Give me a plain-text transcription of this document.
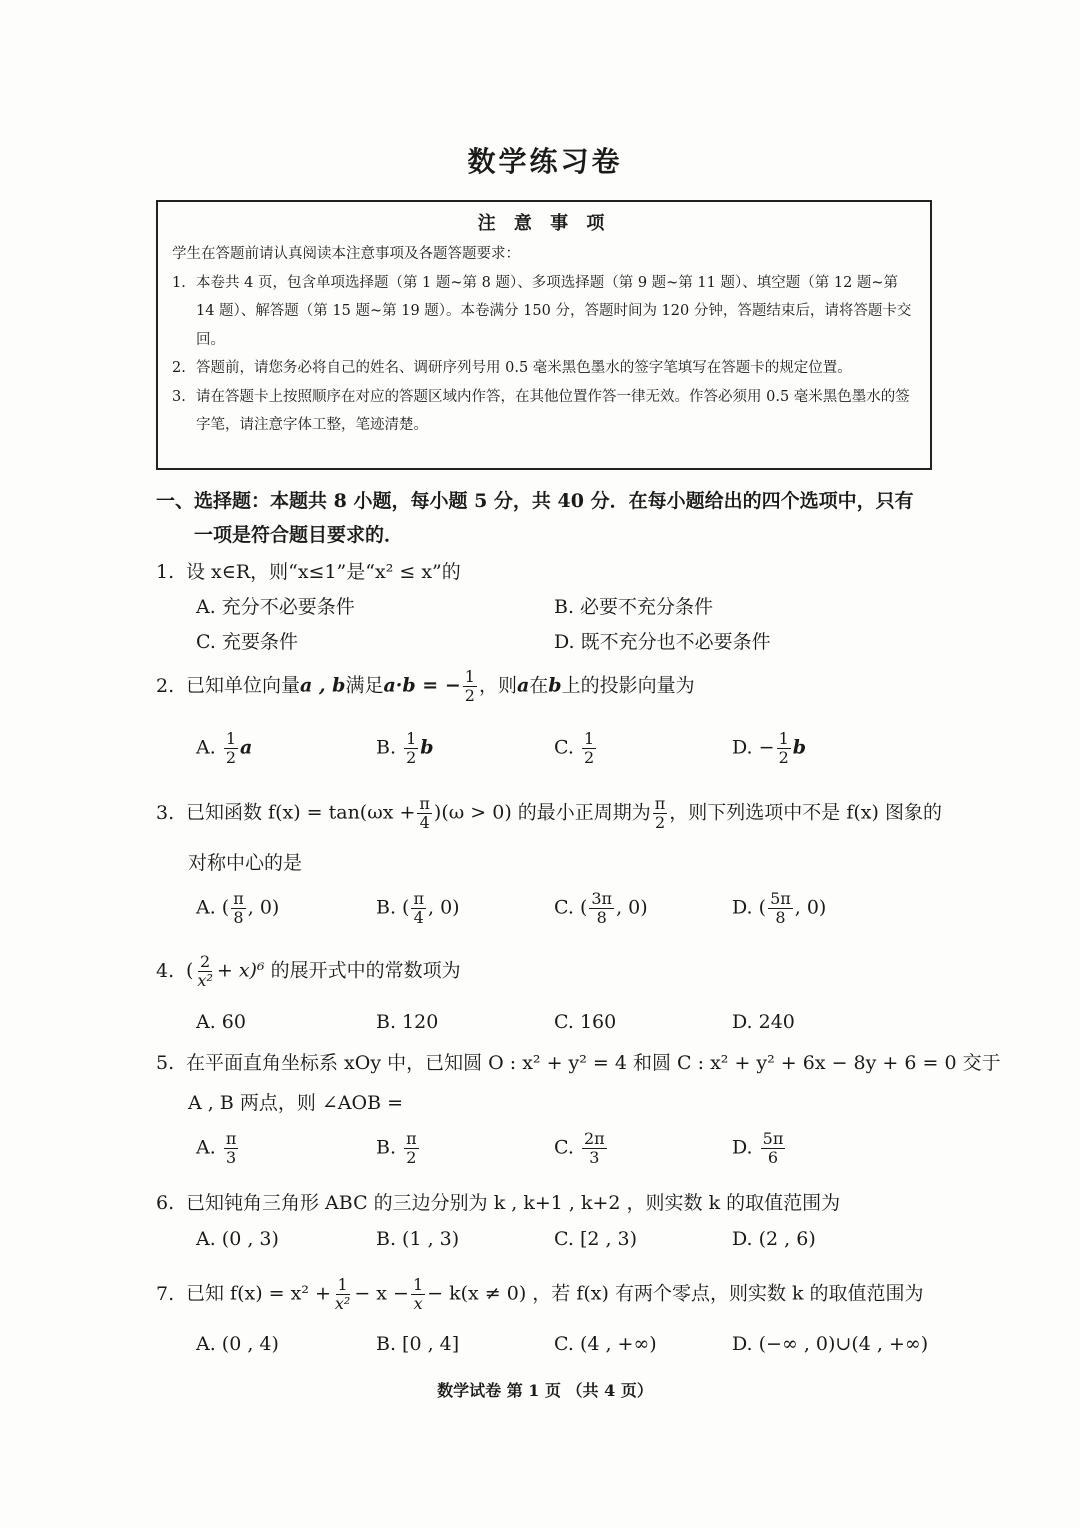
数学练习卷
注 意 事 项
学生在答题前请认真阅读本注意事项及各题答题要求：
1. 本卷共 4 页，包含单项选择题（第 1 题~第 8 题）、多项选择题（第 9 题~第 11 题）、填空题（第 12 题~第 14 题）、解答题（第 15 题~第 19 题）。本卷满分 150 分，答题时间为 120 分钟，答题结束后，请将答题卡交回。
2. 答题前，请您务必将自己的姓名、调研序列号用 0.5 毫米黑色墨水的签字笔填写在答题卡的规定位置。
3. 请在答题卡上按照顺序在对应的答题区域内作答，在其他位置作答一律无效。作答必须用 0.5 毫米黑色墨水的签字笔，请注意字体工整，笔迹清楚。
一、选择题：本题共 8 小题，每小题 5 分，共 40 分．在每小题给出的四个选项中，只有
一项是符合题目要求的．
1. 设 x∈R，则“x≤1”是“x² ≤ x”的
A. 充分不必要条件	B. 必要不充分条件
C. 充要条件	D. 既不充分也不必要条件
2. 已知单位向量a , b满足a·b = − $\frac{1}{2}$ ，则a在b上的投影向量为
A. $\frac{1}{2}$ a	B. $\frac{1}{2}$ b	C. $\frac{1}{2}$	D. − $\frac{1}{2}$ b
3. 已知函数 $f(x) = \tan(\omega x + \frac{\pi}{4} )(\omega > 0)$ 的最小正周期为 $\frac{\pi}{2}$ ，则下列选项中不是 f(x) 图象的
对称中心的是
A. ( $\frac{\pi}{8}$ , 0)	B. ( $\frac{\pi}{4}$ , 0)	C. ( $\frac{3\pi}{8}$ , 0)	D. ( $\frac{5\pi}{8}$ , 0)
4. ( $\frac{2}{\text{x²}} + x)^6$ 的展开式中的常数项为
A. 60	B. 120	C. 160	D. 240
5. 在平面直角坐标系 xOy 中，已知圆 O : x² + y² = 4 和圆 C : x² + y² + 6x − 8y + 6 = 0 交于
A , B 两点，则 ∠AOB =
A. $\frac{\pi}{3}$	B. $\frac{\pi}{2}$	C. $\frac{2\pi}{3}$	D. $\frac{5\pi}{6}$
6. 已知钝角三角形 ABC 的三边分别为 k , k+1 , k+2 ，则实数 k 的取值范围为
A. (0 , 3)	B. (1 , 3)	C. [2 , 3)	D. (2 , 6)
7. 已知 $f(x) = x^2 + \frac{1}{\text{x²}} - x - \frac{1}{x} - k(x \ne 0)$ ，若 f(x) 有两个零点，则实数 k 的取值范围为
A. (0 , 4)	B. [0 , 4]	C. (4 , +∞)	D. (−∞ , 0)∪(4 , +∞)
数学试卷 第 1 页 （共 4 页）
